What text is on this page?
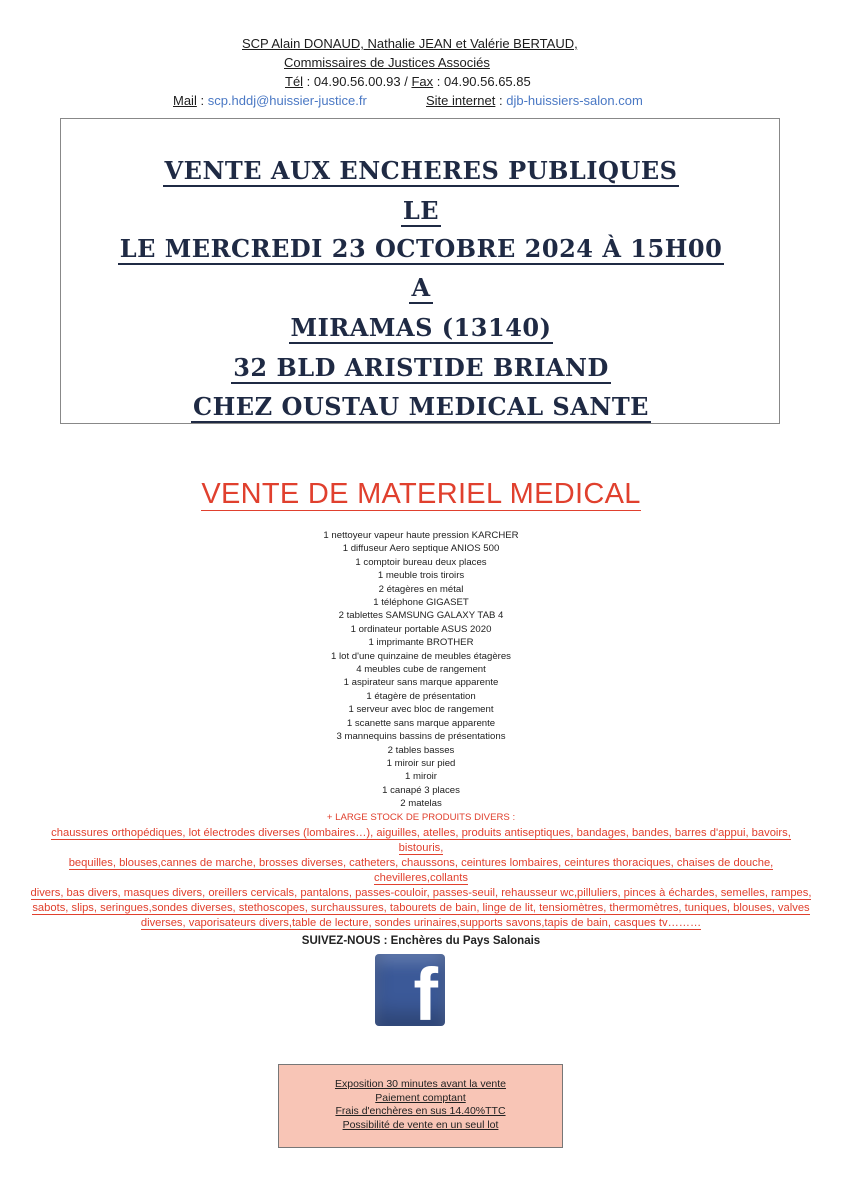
SCP Alain DONAUD, Nathalie JEAN et Valérie BERTAUD,
Commissaires de Justices Associés
Tél : 04.90.56.00.93 / Fax : 04.90.56.65.85
Mail : scp.hddj@huissier-justice.fr	Site internet : djb-huissiers-salon.com
VENTE AUX ENCHERES PUBLIQUES
LE
LE MERCREDI 23 OCTOBRE 2024 À 15H00
A
MIRAMAS (13140)
32 BLD ARISTIDE BRIAND
CHEZ OUSTAU MEDICAL SANTE
VENTE DE MATERIEL MEDICAL
1 nettoyeur vapeur haute pression KARCHER
1 diffuseur Aero septique ANIOS 500
1 comptoir bureau deux places
1 meuble trois tiroirs
2 étagères en métal
1 téléphone GIGASET
2 tablettes SAMSUNG GALAXY TAB 4
1 ordinateur portable ASUS 2020
1 imprimante BROTHER
1 lot d'une quinzaine de meubles étagères
4 meubles cube de rangement
1 aspirateur sans marque apparente
1 étagère de présentation
1 serveur avec bloc de rangement
1 scanette sans marque apparente
3 mannequins bassins de présentations
2 tables basses
1 miroir sur pied
1 miroir
1 canapé 3 places
2 matelas
+ LARGE STOCK DE PRODUITS DIVERS :
chaussures orthopédiques, lot électrodes diverses (lombaires…), aiguilles, atelles, produits antiseptiques, bandages, bandes, barres d'appui, bavoirs, bistouris,
bequilles, blouses,cannes de marche, brosses diverses, catheters, chaussons, ceintures lombaires, ceintures thoraciques, chaises de douche, chevilleres,collants
divers, bas divers, masques divers, oreillers cervicals, pantalons, passes-couloir, passes-seuil, rehausseur wc,pilluliers, pinces à échardes, semelles, rampes,
sabots, slips, seringues,sondes diverses, stethoscopes, surchaussures, tabourets de bain, linge de lit, tensiomètres, thermomètres, tuniques, blouses, valves
diverses, vaporisateurs divers,table de lecture, sondes urinaires,supports savons,tapis de bain, casques tv………
SUIVEZ-NOUS : Enchères du Pays Salonais
f
Exposition 30 minutes avant la vente
Paiement comptant
Frais d'enchères en sus 14.40%TTC
Possibilité de vente en un seul lot
